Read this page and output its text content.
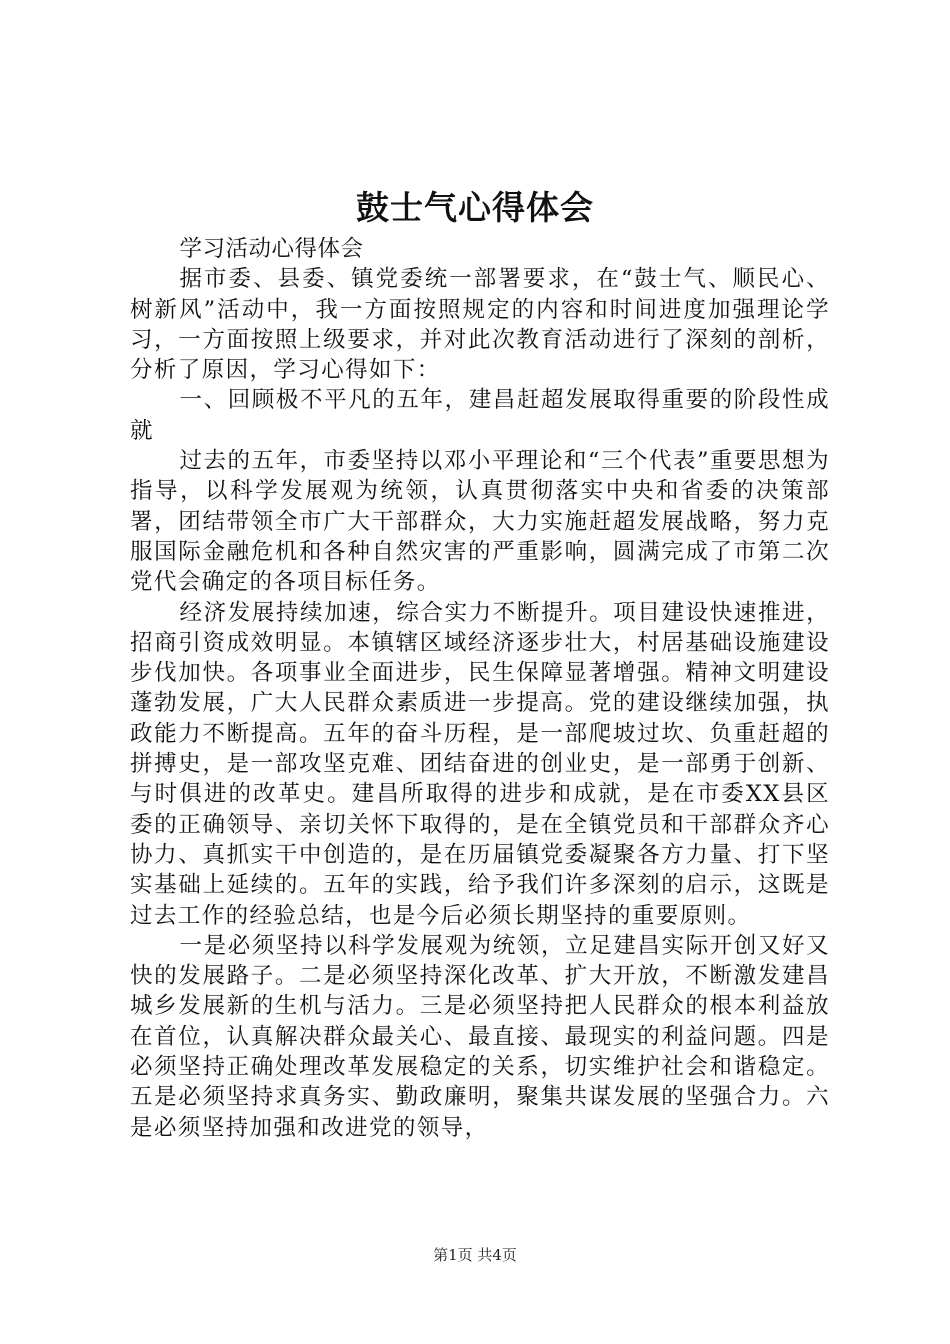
鼓士气心得体会

学习活动心得体会

据市委、县委、镇党委统一部署要求，在“鼓士气、顺民心、树新风”活动中，我一方面按照规定的内容和时间进度加强理论学习，一方面按照上级要求，并对此次教育活动进行了深刻的剖析，分析了原因，学习心得如下：

一、回顾极不平凡的五年，建昌赶超发展取得重要的阶段性成就

过去的五年，市委坚持以邓小平理论和“三个代表”重要思想为指导，以科学发展观为统领，认真贯彻落实中央和省委的决策部署，团结带领全市广大干部群众，大力实施赶超发展战略，努力克服国际金融危机和各种自然灾害的严重影响，圆满完成了市第二次党代会确定的各项目标任务。

经济发展持续加速，综合实力不断提升。项目建设快速推进，招商引资成效明显。本镇辖区域经济逐步壮大，村居基础设施建设步伐加快。各项事业全面进步，民生保障显著增强。精神文明建设蓬勃发展，广大人民群众素质进一步提高。党的建设继续加强，执政能力不断提高。五年的奋斗历程，是一部爬坡过坎、负重赶超的拼搏史，是一部攻坚克难、团结奋进的创业史，是一部勇于创新、与时俱进的改革史。建昌所取得的进步和成就，是在市委XX县区委的正确领导、亲切关怀下取得的，是在全镇党员和干部群众齐心协力、真抓实干中创造的，是在历届镇党委凝聚各方力量、打下坚实基础上延续的。五年的实践，给予我们许多深刻的启示，这既是过去工作的经验总结，也是今后必须长期坚持的重要原则。

一是必须坚持以科学发展观为统领，立足建昌实际开创又好又快的发展路子。二是必须坚持深化改革、扩大开放，不断激发建昌城乡发展新的生机与活力。三是必须坚持把人民群众的根本利益放在首位，认真解决群众最关心、最直接、最现实的利益问题。四是必须坚持正确处理改革发展稳定的关系，切实维护社会和谐稳定。五是必须坚持求真务实、勤政廉明，聚集共谋发展的坚强合力。六是必须坚持加强和改进党的领导，

第1页 共4页
